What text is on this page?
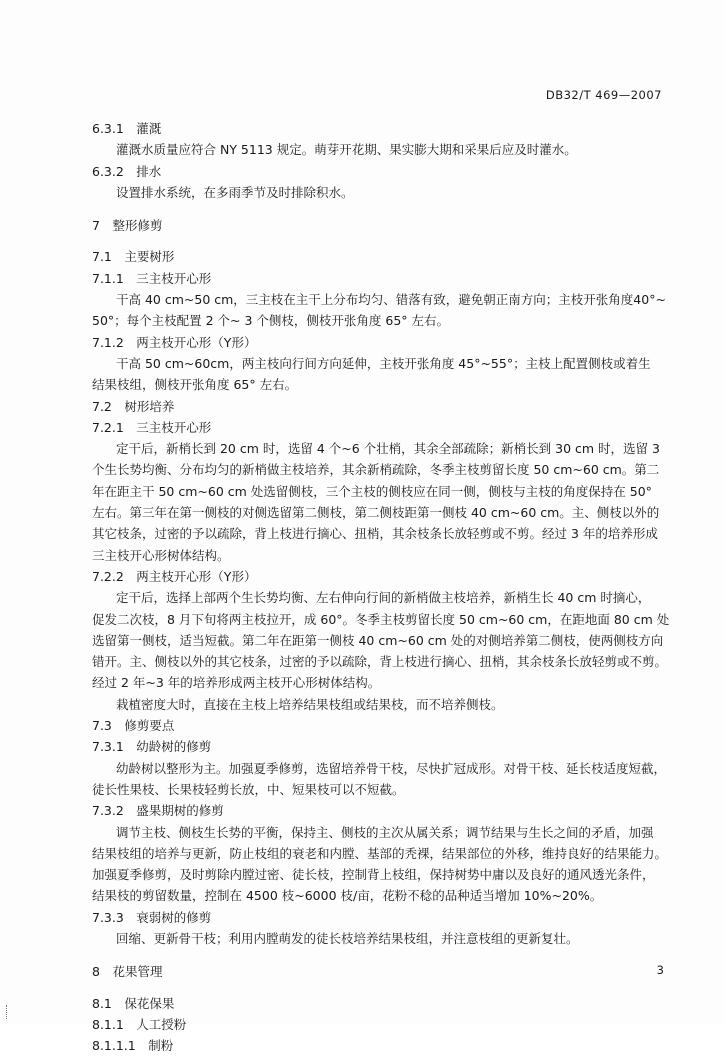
DB32/T 469—2007
6.3.1　灌溉
灌溉水质量应符合 NY 5113 规定。萌芽开花期、果实膨大期和采果后应及时灌水。
6.3.2　排水
设置排水系统，在多雨季节及时排除积水。
7　整形修剪
7.1　主要树形
7.1.1　三主枝开心形
干高 40 cm~50 cm，三主枝在主干上分布均匀、错落有致，避免朝正南方向；主枝开张角度40°~
50°；每个主枝配置 2 个~ 3 个侧枝，侧枝开张角度 65° 左右。
7.1.2　两主枝开心形（Y形）
干高 50 cm~60cm，两主枝向行间方向延伸，主枝开张角度 45°~55°；主枝上配置侧枝或着生
结果枝组，侧枝开张角度 65° 左右。
7.2　树形培养
7.2.1　三主枝开心形
定干后，新梢长到 20 cm 时，选留 4 个~6 个壮梢，其余全部疏除；新梢长到 30 cm 时，选留 3
个生长势均衡、分布均匀的新梢做主枝培养，其余新梢疏除，冬季主枝剪留长度 50 cm~60 cm。第二
年在距主干 50 cm~60 cm 处选留侧枝，三个主枝的侧枝应在同一侧，侧枝与主枝的角度保持在 50°
左右。第三年在第一侧枝的对侧选留第二侧枝，第二侧枝距第一侧枝 40 cm~60 cm。主、侧枝以外的
其它枝条，过密的予以疏除，背上枝进行摘心、扭梢，其余枝条长放轻剪或不剪。经过 3 年的培养形成
三主枝开心形树体结构。
7.2.2　两主枝开心形（Y形）
定干后，选择上部两个生长势均衡、左右伸向行间的新梢做主枝培养，新梢生长 40 cm 时摘心，
促发二次枝，8 月下旬将两主枝拉开，成 60°。冬季主枝剪留长度 50 cm~60 cm，在距地面 80 cm 处
选留第一侧枝，适当短截。第二年在距第一侧枝 40 cm~60 cm 处的对侧培养第二侧枝，使两侧枝方向
错开。主、侧枝以外的其它枝条，过密的予以疏除，背上枝进行摘心、扭梢，其余枝条长放轻剪或不剪。
经过 2 年~3 年的培养形成两主枝开心形树体结构。
栽植密度大时，直接在主枝上培养结果枝组或结果枝，而不培养侧枝。
7.3　修剪要点
7.3.1　幼龄树的修剪
幼龄树以整形为主。加强夏季修剪，选留培养骨干枝，尽快扩冠成形。对骨干枝、延长枝适度短截，
徒长性果枝、长果枝轻剪长放，中、短果枝可以不短截。
7.3.2　盛果期树的修剪
调节主枝、侧枝生长势的平衡，保持主、侧枝的主次从属关系；调节结果与生长之间的矛盾，加强
结果枝组的培养与更新，防止枝组的衰老和内膛、基部的秃裸，结果部位的外移，维持良好的结果能力。
加强夏季修剪，及时剪除内膛过密、徒长枝，控制背上枝组，保持树势中庸以及良好的通风透光条件，
结果枝的剪留数量，控制在 4500 枝~6000 枝/亩，花粉不稔的品种适当增加 10%~20%。
7.3.3　衰弱树的修剪
回缩、更新骨干枝；利用内膛萌发的徒长枝培养结果枝组，并注意枝组的更新复壮。
8　花果管理
8.1　保花保果
8.1.1　人工授粉
8.1.1.1　制粉
3
